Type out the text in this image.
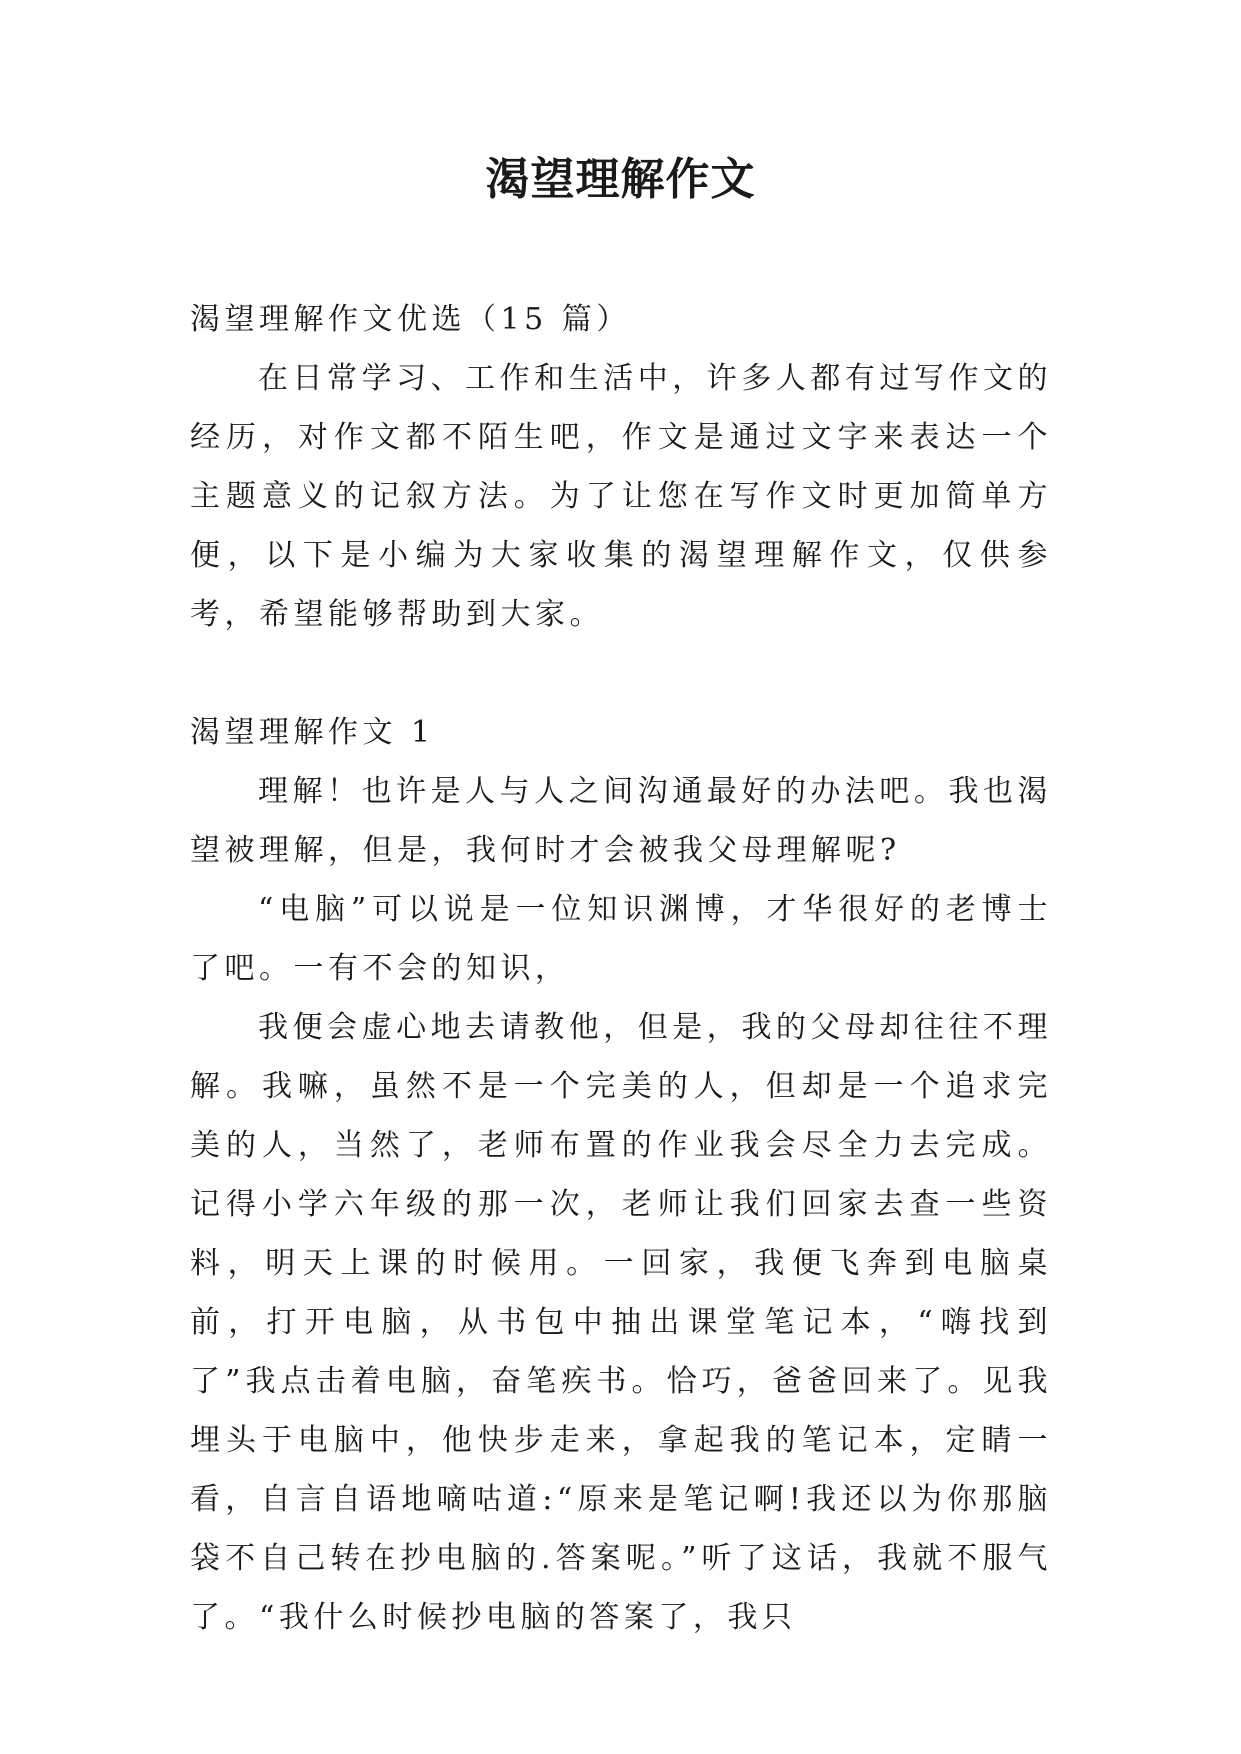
渴望理解作文

渴望理解作文优选（15 篇）

在日常学习、工作和生活中，许多人都有过写作文的经历，对作文都不陌生吧，作文是通过文字来表达一个主题意义的记叙方法。为了让您在写作文时更加简单方便，以下是小编为大家收集的渴望理解作文，仅供参考，希望能够帮助到大家。

渴望理解作文 1

理解！也许是人与人之间沟通最好的办法吧。我也渴望被理解，但是，我何时才会被我父母理解呢?

“电脑”可以说是一位知识渊博，才华很好的老博士了吧。一有不会的知识，

我便会虚心地去请教他，但是，我的父母却往往不理解。我嘛，虽然不是一个完美的人，但却是一个追求完美的人，当然了，老师布置的作业我会尽全力去完成。记得小学六年级的那一次，老师让我们回家去查一些资料，明天上课的时候用。一回家，我便飞奔到电脑桌前，打开电脑，从书包中抽出课堂笔记本，“嗨找到了”我点击着电脑，奋笔疾书。恰巧，爸爸回来了。见我埋头于电脑中，他快步走来，拿起我的笔记本，定睛一看，自言自语地嘀咕道:“原来是笔记啊!我还以为你那脑袋不自己转在抄电脑的.答案呢。”听了这话，我就不服气了。“我什么时候抄电脑的答案了，我只
